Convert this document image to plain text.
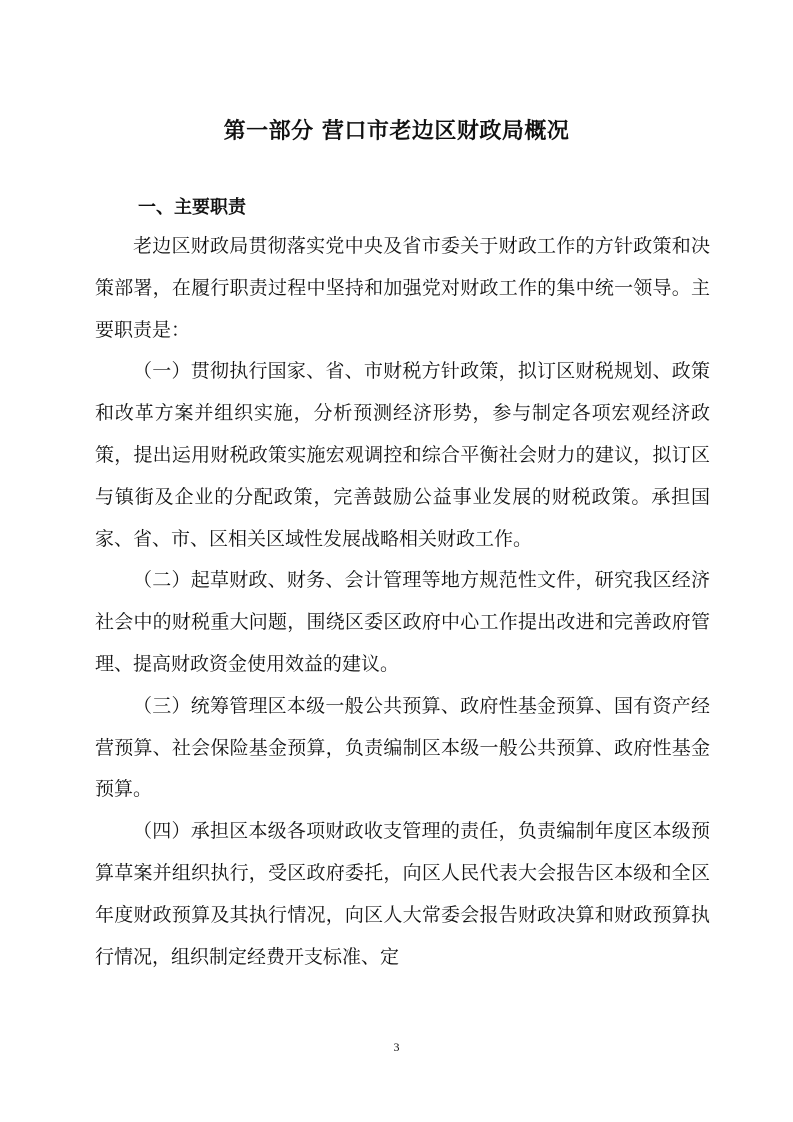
第一部分 营口市老边区财政局概况
一、主要职责

老边区财政局贯彻落实党中央及省市委关于财政工作的方针政策和决策部署，在履行职责过程中坚持和加强党对财政工作的集中统一领导。主要职责是：

（一）贯彻执行国家、省、市财税方针政策，拟订区财税规划、政策和改革方案并组织实施，分析预测经济形势，参与制定各项宏观经济政策，提出运用财税政策实施宏观调控和综合平衡社会财力的建议，拟订区与镇街及企业的分配政策，完善鼓励公益事业发展的财税政策。承担国家、省、市、区相关区域性发展战略相关财政工作。

（二）起草财政、财务、会计管理等地方规范性文件，研究我区经济社会中的财税重大问题，围绕区委区政府中心工作提出改进和完善政府管理、提高财政资金使用效益的建议。

（三）统筹管理区本级一般公共预算、政府性基金预算、国有资产经营预算、社会保险基金预算，负责编制区本级一般公共预算、政府性基金预算。

（四）承担区本级各项财政收支管理的责任，负责编制年度区本级预算草案并组织执行，受区政府委托，向区人民代表大会报告区本级和全区年度财政预算及其执行情况，向区人大常委会报告财政决算和财政预算执行情况，组织制定经费开支标准、定

3
